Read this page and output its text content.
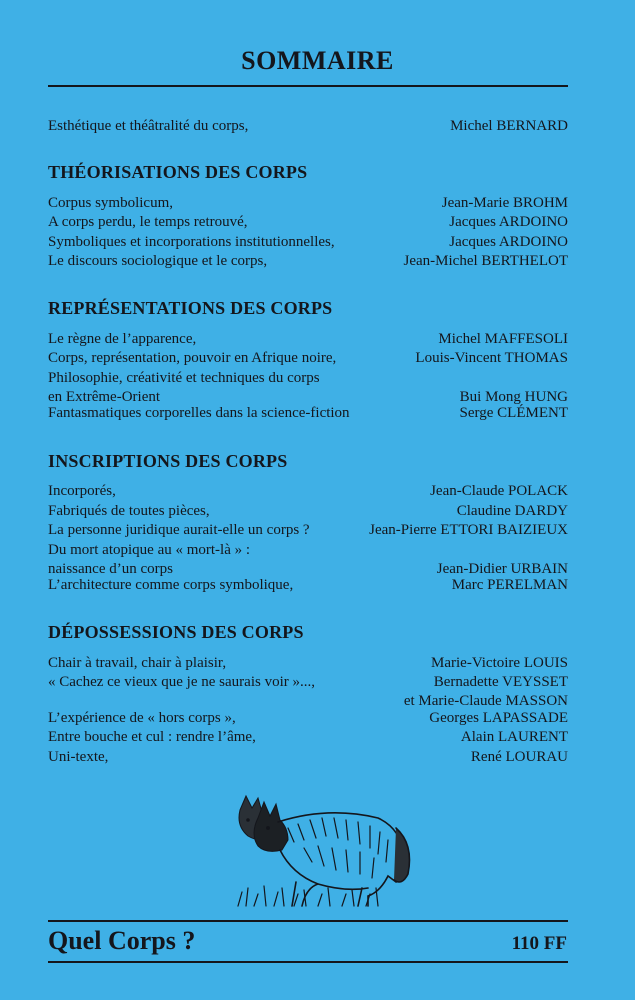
SOMMAIRE
Esthétique et théâtralité du corps,	Michel BERNARD
THÉORISATIONS DES CORPS
Corpus symbolicum,	Jean-Marie BROHM
A corps perdu, le temps retrouvé,	Jacques ARDOINO
Symboliques et incorporations institutionnelles,	Jacques ARDOINO
Le discours sociologique et le corps,	Jean-Michel BERTHELOT
REPRÉSENTATIONS DES CORPS
Le règne de l’apparence,	Michel MAFFESOLI
Corps, représentation, pouvoir en Afrique noire,	Louis-Vincent THOMAS
Philosophie, créativité et techniques du corps
en Extrême-Orient	Bui Mong HUNG
Fantasmatiques corporelles dans la science-fiction	Serge CLÉMENT
INSCRIPTIONS DES CORPS
Incorporés,	Jean-Claude POLACK
Fabriqués de toutes pièces,	Claudine DARDY
La personne juridique aurait-elle un corps ?	Jean-Pierre ETTORI BAIZIEUX
Du mort atopique au « mort-là » :
naissance d’un corps	Jean-Didier URBAIN
L’architecture comme corps symbolique,	Marc PERELMAN
DÉPOSSESSIONS DES CORPS
Chair à travail, chair à plaisir,	Marie-Victoire LOUIS
« Cachez ce vieux que je ne saurais voir »...,	Bernadette VEYSSET
et Marie-Claude MASSON
L’expérience de « hors corps »,	Georges LAPASSADE
Entre bouche et cul : rendre l’âme,	Alain LAURENT
Uni-texte,	René LOURAU
Quel Corps ?	110 FF
